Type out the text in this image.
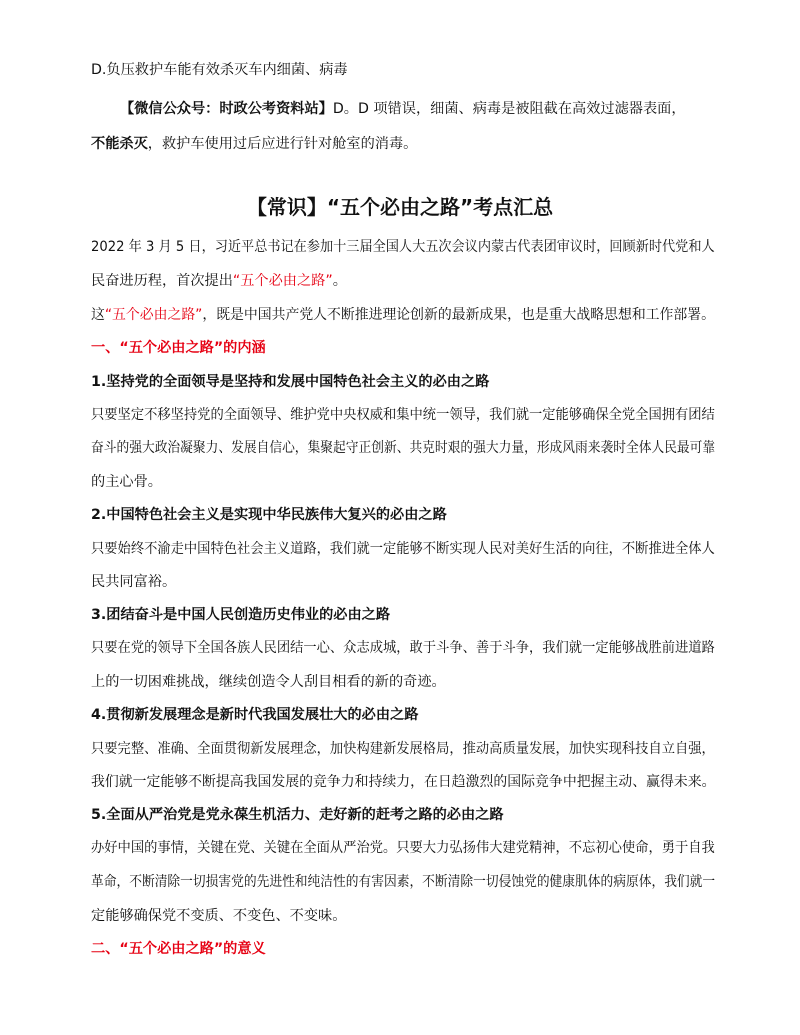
D.负压救护车能有效杀灭车内细菌、病毒
【微信公众号：时政公考资料站】D。D 项错误，细菌、病毒是被阻截在高效过滤器表面，
不能杀灭，救护车使用过后应进行针对舱室的消毒。
【常识】“五个必由之路”考点汇总
2022 年 3 月 5 日，习近平总书记在参加十三届全国人大五次会议内蒙古代表团审议时，回顾新时代党和人
民奋进历程，首次提出“五个必由之路”。
这“五个必由之路”，既是中国共产党人不断推进理论创新的最新成果，也是重大战略思想和工作部署。
一、“五个必由之路”的内涵
1.坚持党的全面领导是坚持和发展中国特色社会主义的必由之路
只要坚定不移坚持党的全面领导、维护党中央权威和集中统一领导，我们就一定能够确保全党全国拥有团结
奋斗的强大政治凝聚力、发展自信心，集聚起守正创新、共克时艰的强大力量，形成风雨来袭时全体人民最可靠
的主心骨。
2.中国特色社会主义是实现中华民族伟大复兴的必由之路
只要始终不渝走中国特色社会主义道路，我们就一定能够不断实现人民对美好生活的向往，不断推进全体人
民共同富裕。
3.团结奋斗是中国人民创造历史伟业的必由之路
只要在党的领导下全国各族人民团结一心、众志成城，敢于斗争、善于斗争，我们就一定能够战胜前进道路
上的一切困难挑战，继续创造令人刮目相看的新的奇迹。
4.贯彻新发展理念是新时代我国发展壮大的必由之路
只要完整、准确、全面贯彻新发展理念，加快构建新发展格局，推动高质量发展，加快实现科技自立自强，
我们就一定能够不断提高我国发展的竞争力和持续力，在日趋激烈的国际竞争中把握主动、赢得未来。
5.全面从严治党是党永葆生机活力、走好新的赶考之路的必由之路
办好中国的事情，关键在党、关键在全面从严治党。只要大力弘扬伟大建党精神，不忘初心使命，勇于自我
革命，不断清除一切损害党的先进性和纯洁性的有害因素，不断清除一切侵蚀党的健康肌体的病原体，我们就一
定能够确保党不变质、不变色、不变味。
二、“五个必由之路”的意义
